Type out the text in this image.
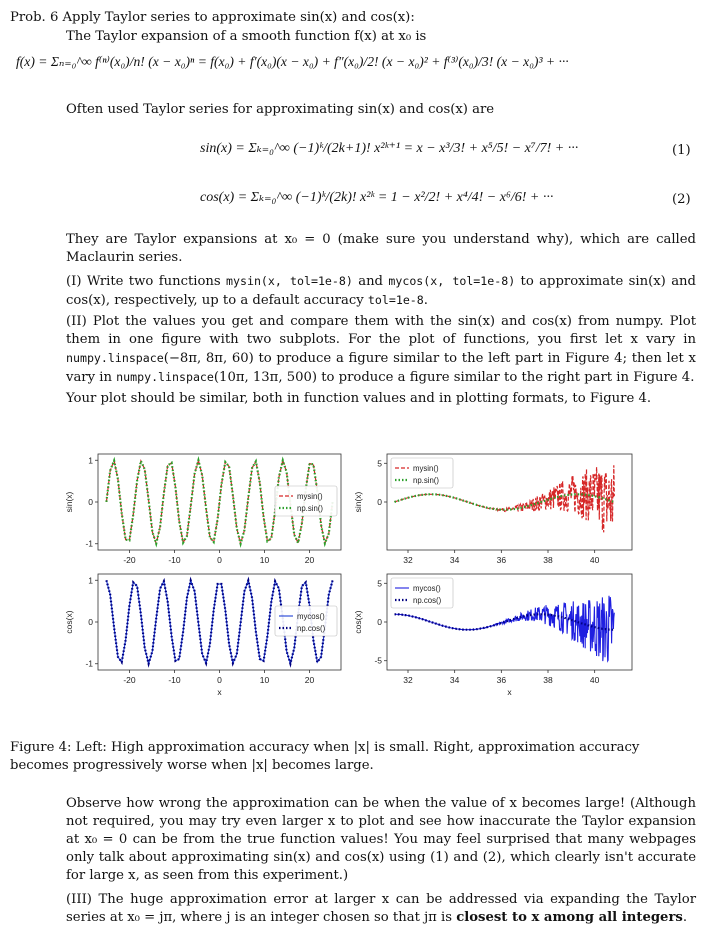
Prob. 6 Apply Taylor series to approximate sin(x) and cos(x):
The Taylor expansion of a smooth function f(x) at x₀ is
f(x) = Σₙ₌₀^∞ f⁽ⁿ⁾(x₀)/n! (x − x₀)ⁿ = f(x₀) + f′(x₀)(x − x₀) + f″(x₀)/2! (x − x₀)² + f⁽³⁾(x₀)/3! (x − x₀)³ + ···
Often used Taylor series for approximating sin(x) and cos(x) are
sin(x) = Σₖ₌₀^∞ (−1)ᵏ/(2k+1)! x²ᵏ⁺¹ = x − x³/3! + x⁵/5! − x⁷/7! + ···	(1)
cos(x) = Σₖ₌₀^∞ (−1)ᵏ/(2k)! x²ᵏ = 1 − x²/2! + x⁴/4! − x⁶/6! + ···	(2)
They are Taylor expansions at x₀ = 0 (make sure you understand why), which are called Maclaurin series.
(I) Write two functions mysin(x, tol=1e-8) and mycos(x, tol=1e-8) to approximate sin(x) and cos(x), respectively, up to a default accuracy tol=1e-8.
(II) Plot the values you get and compare them with the sin(x) and cos(x) from numpy. Plot them in one figure with two subplots. For the plot of functions, you first let x vary in numpy.linspace(−8π, 8π, 60) to produce a figure similar to the left part in Figure 4; then let x vary in numpy.linspace(10π, 13π, 500) to produce a figure similar to the right part in Figure 4.
Your plot should be similar, both in function values and in plotting formats, to Figure 4.
-20	-10	0	10	20
-1
0
1
sin(x)	mysin()
np.sin()
-20	-10	0	10	20
-1
0
1
cos(x)
x
mycos()
np.cos()
32	34	36	38	40
0
5
sin(x)
mysin()
np.sin()
32	34	36	38	40
-5
0
5
cos(x)
x
mycos()
np.cos()
Figure 4: Left: High approximation accuracy when |x| is small. Right, approximation accuracy becomes progressively worse when |x| becomes large.
Observe how wrong the approximation can be when the value of x becomes large! (Although not required, you may try even larger x to plot and see how inaccurate the Taylor expansion at x₀ = 0 can be from the true function values! You may feel surprised that many webpages only talk about approximating sin(x) and cos(x) using (1) and (2), which clearly isn't accurate for large x, as seen from this experiment.)
(III) The huge approximation error at larger x can be addressed via expanding the Taylor series at x₀ = jπ, where j is an integer chosen so that jπ is closest to x among all integers.
